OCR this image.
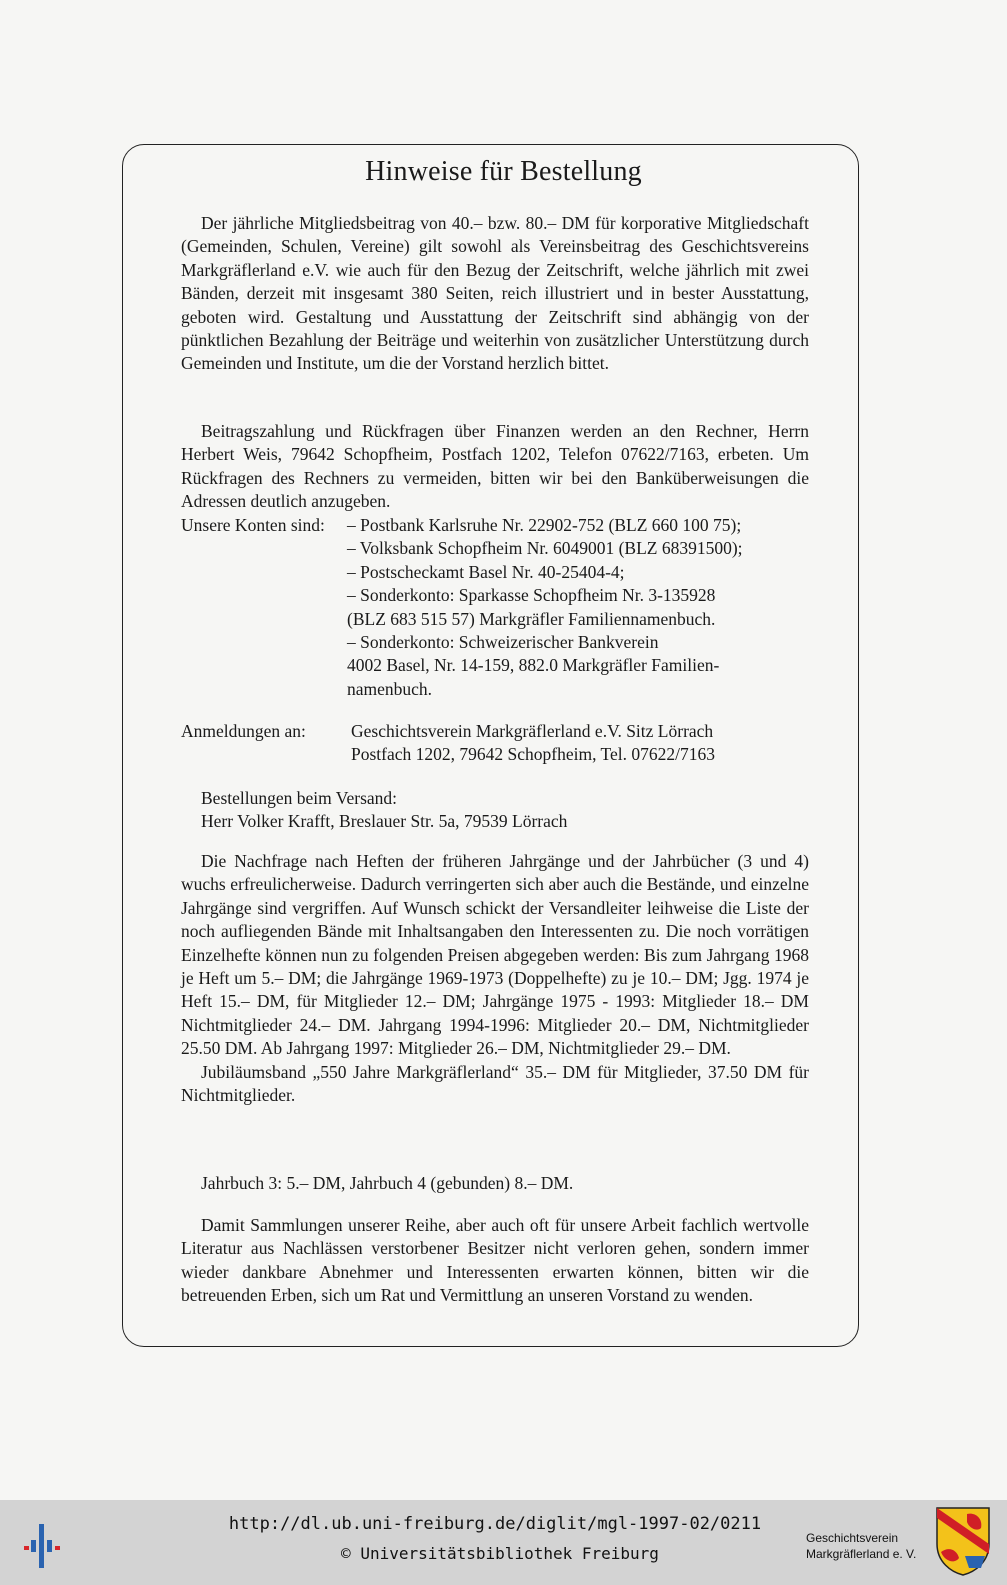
Hinweise für Bestellung

Der jährliche Mitgliedsbeitrag von 40.– bzw. 80.– DM für korporative Mitgliedschaft (Gemeinden, Schulen, Vereine) gilt sowohl als Vereinsbeitrag des Geschichtsvereins Markgräflerland e.V. wie auch für den Bezug der Zeitschrift, welche jährlich mit zwei Bänden, derzeit mit insgesamt 380 Seiten, reich illustriert und in bester Ausstattung, geboten wird. Gestaltung und Ausstattung der Zeitschrift sind abhängig von der pünktlichen Bezahlung der Beiträge und weiterhin von zusätzlicher Unterstützung durch Gemeinden und Institute, um die der Vorstand herzlich bittet.

Beitragszahlung und Rückfragen über Finanzen werden an den Rechner, Herrn Herbert Weis, 79642 Schopfheim, Postfach 1202, Telefon 07622/7163, erbeten. Um Rückfragen des Rechners zu vermeiden, bitten wir bei den Banküberweisungen die Adressen deutlich anzugeben.

Unsere Konten sind:	– Postbank Karlsruhe Nr. 22902-752 (BLZ 660 100 75);
– Volksbank Schopfheim Nr. 6049001 (BLZ 68391500);
– Postscheckamt Basel Nr. 40-25404-4;
– Sonderkonto: Sparkasse Schopfheim Nr. 3-135928
(BLZ 683 515 57) Markgräfler Familiennamenbuch.
– Sonderkonto: Schweizerischer Bankverein
4002 Basel, Nr. 14-159, 882.0 Markgräfler Familien-
namenbuch.
Anmeldungen an:	Geschichtsverein Markgräflerland e.V. Sitz Lörrach
Postfach 1202, 79642 Schopfheim, Tel. 07622/7163
Bestellungen beim Versand:
Herr Volker Krafft, Breslauer Str. 5a, 79539 Lörrach

Die Nachfrage nach Heften der früheren Jahrgänge und der Jahrbücher (3 und 4) wuchs erfreulicherweise. Dadurch verringerten sich aber auch die Bestände, und einzelne Jahrgänge sind vergriffen. Auf Wunsch schickt der Versandleiter leihweise die Liste der noch aufliegenden Bände mit Inhaltsangaben den Interessenten zu. Die noch vorrätigen Einzelhefte können nun zu folgenden Preisen abgegeben werden: Bis zum Jahrgang 1968 je Heft um 5.– DM; die Jahrgänge 1969-1973 (Doppelhefte) zu je 10.– DM; Jgg. 1974 je Heft 15.– DM, für Mitglieder 12.– DM; Jahrgänge 1975 - 1993: Mitglieder 18.– DM Nichtmitglieder 24.– DM. Jahrgang 1994-1996: Mitglieder 20.– DM, Nichtmitglieder 25.50 DM. Ab Jahrgang 1997: Mitglieder 26.– DM, Nichtmitglieder 29.– DM.

Jubiläumsband „550 Jahre Markgräflerland“ 35.– DM für Mitglieder, 37.50 DM für Nichtmitglieder.

Jahrbuch 3: 5.– DM, Jahrbuch 4 (gebunden) 8.– DM.

Damit Sammlungen unserer Reihe, aber auch oft für unsere Arbeit fachlich wertvolle Literatur aus Nachlässen verstorbener Besitzer nicht verloren gehen, sondern immer wieder dankbare Abnehmer und Interessenten erwarten können, bitten wir die betreuenden Erben, sich um Rat und Vermittlung an unseren Vorstand zu wenden.

http://dl.ub.uni-freiburg.de/diglit/mgl-1997-02/0211
© Universitätsbibliothek Freiburg
Geschichtsverein
Markgräflerland e. V.
